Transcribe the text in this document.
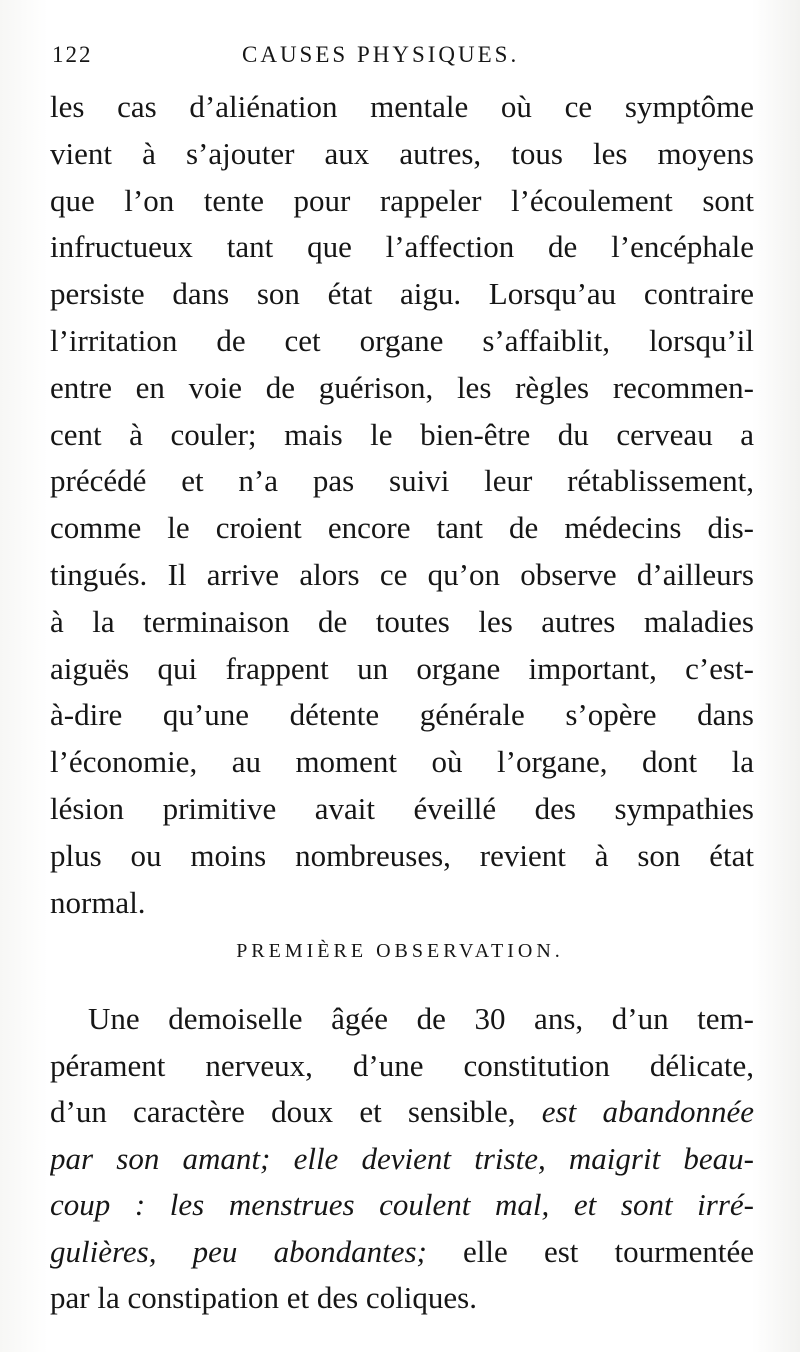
122	CAUSES PHYSIQUES.
les cas d’aliénation mentale où ce symptôme
vient à s’ajouter aux autres, tous les moyens
que l’on tente pour rappeler l’écoulement sont
infructueux tant que l’affection de l’encéphale
persiste dans son état aigu. Lorsqu’au contraire
l’irritation de cet organe s’affaiblit, lorsqu’il
entre en voie de guérison, les règles recommen-
cent à couler; mais le bien-être du cerveau a
précédé et n’a pas suivi leur rétablissement,
comme le croient encore tant de médecins dis-
tingués. Il arrive alors ce qu’on observe d’ailleurs
à la terminaison de toutes les autres maladies
aiguës qui frappent un organe important, c’est-
à-dire qu’une détente générale s’opère dans
l’économie, au moment où l’organe, dont la
lésion primitive avait éveillé des sympathies
plus ou moins nombreuses, revient à son état
normal.
PREMIÈRE OBSERVATION.
Une demoiselle âgée de 30 ans, d’un tem-
pérament nerveux, d’une constitution délicate,
d’un caractère doux et sensible, est abandonnée
par son amant; elle devient triste, maigrit beau-
coup : les menstrues coulent mal, et sont irré-
gulières, peu abondantes; elle est tourmentée
par la constipation et des coliques.
